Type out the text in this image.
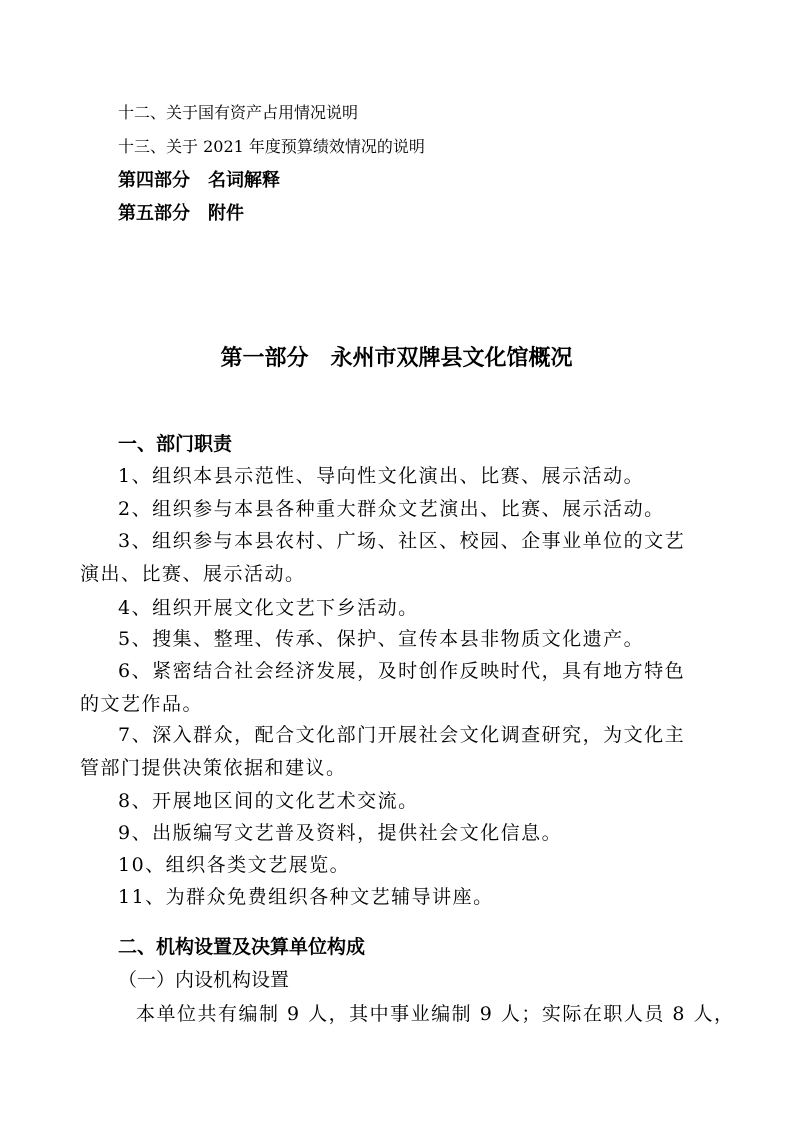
十二、关于国有资产占用情况说明

十三、关于 2021 年度预算绩效情况的说明

第四部分 名词解释

第五部分 附件

第一部分 永州市双牌县文化馆概况

一、部门职责

1、组织本县示范性、导向性文化演出、比赛、展示活动。

2、组织参与本县各种重大群众文艺演出、比赛、展示活动。

3、组织参与本县农村、广场、社区、校园、企事业单位的文艺

演出、比赛、展示活动。

4、组织开展文化文艺下乡活动。

5、搜集、整理、传承、保护、宣传本县非物质文化遗产。

6、紧密结合社会经济发展，及时创作反映时代，具有地方特色

的文艺作品。

7、深入群众，配合文化部门开展社会文化调查研究，为文化主

管部门提供决策依据和建议。

8、开展地区间的文化艺术交流。

9、出版编写文艺普及资料，提供社会文化信息。

10、组织各类文艺展览。

11、为群众免费组织各种文艺辅导讲座。

二、机构设置及决算单位构成

（一）内设机构设置

本单位共有编制 9 人，其中事业编制 9 人；实际在职人员 8 人，
